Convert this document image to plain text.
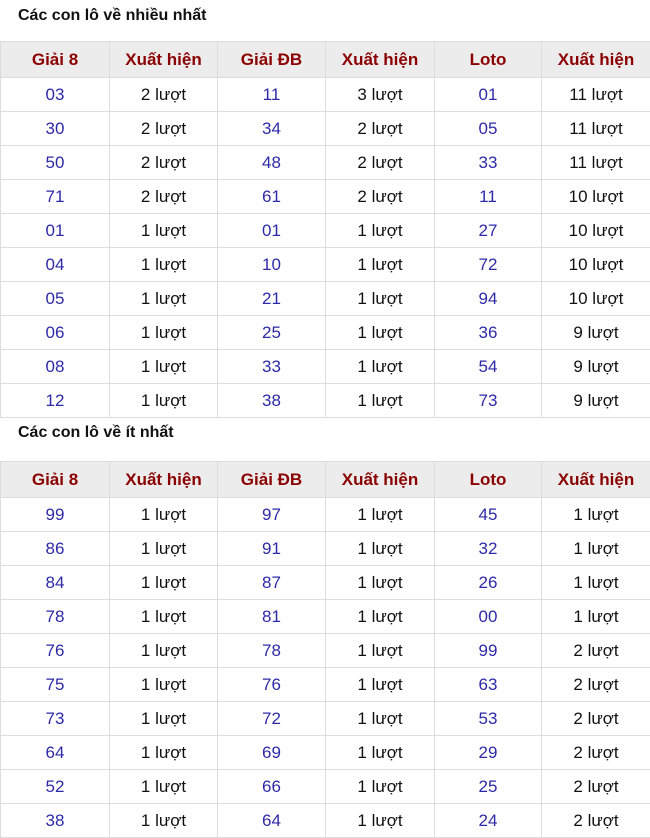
Các con lô về nhiều nhất
Giải 8	Xuất hiện	Giải ĐB	Xuất hiện	Loto	Xuất hiện
03	2 lượt	11	3 lượt	01	11 lượt
30	2 lượt	34	2 lượt	05	11 lượt
50	2 lượt	48	2 lượt	33	11 lượt
71	2 lượt	61	2 lượt	11	10 lượt
01	1 lượt	01	1 lượt	27	10 lượt
04	1 lượt	10	1 lượt	72	10 lượt
05	1 lượt	21	1 lượt	94	10 lượt
06	1 lượt	25	1 lượt	36	9 lượt
08	1 lượt	33	1 lượt	54	9 lượt
12	1 lượt	38	1 lượt	73	9 lượt
Các con lô về ít nhất
Giải 8	Xuất hiện	Giải ĐB	Xuất hiện	Loto	Xuất hiện
99	1 lượt	97	1 lượt	45	1 lượt
86	1 lượt	91	1 lượt	32	1 lượt
84	1 lượt	87	1 lượt	26	1 lượt
78	1 lượt	81	1 lượt	00	1 lượt
76	1 lượt	78	1 lượt	99	2 lượt
75	1 lượt	76	1 lượt	63	2 lượt
73	1 lượt	72	1 lượt	53	2 lượt
64	1 lượt	69	1 lượt	29	2 lượt
52	1 lượt	66	1 lượt	25	2 lượt
38	1 lượt	64	1 lượt	24	2 lượt
